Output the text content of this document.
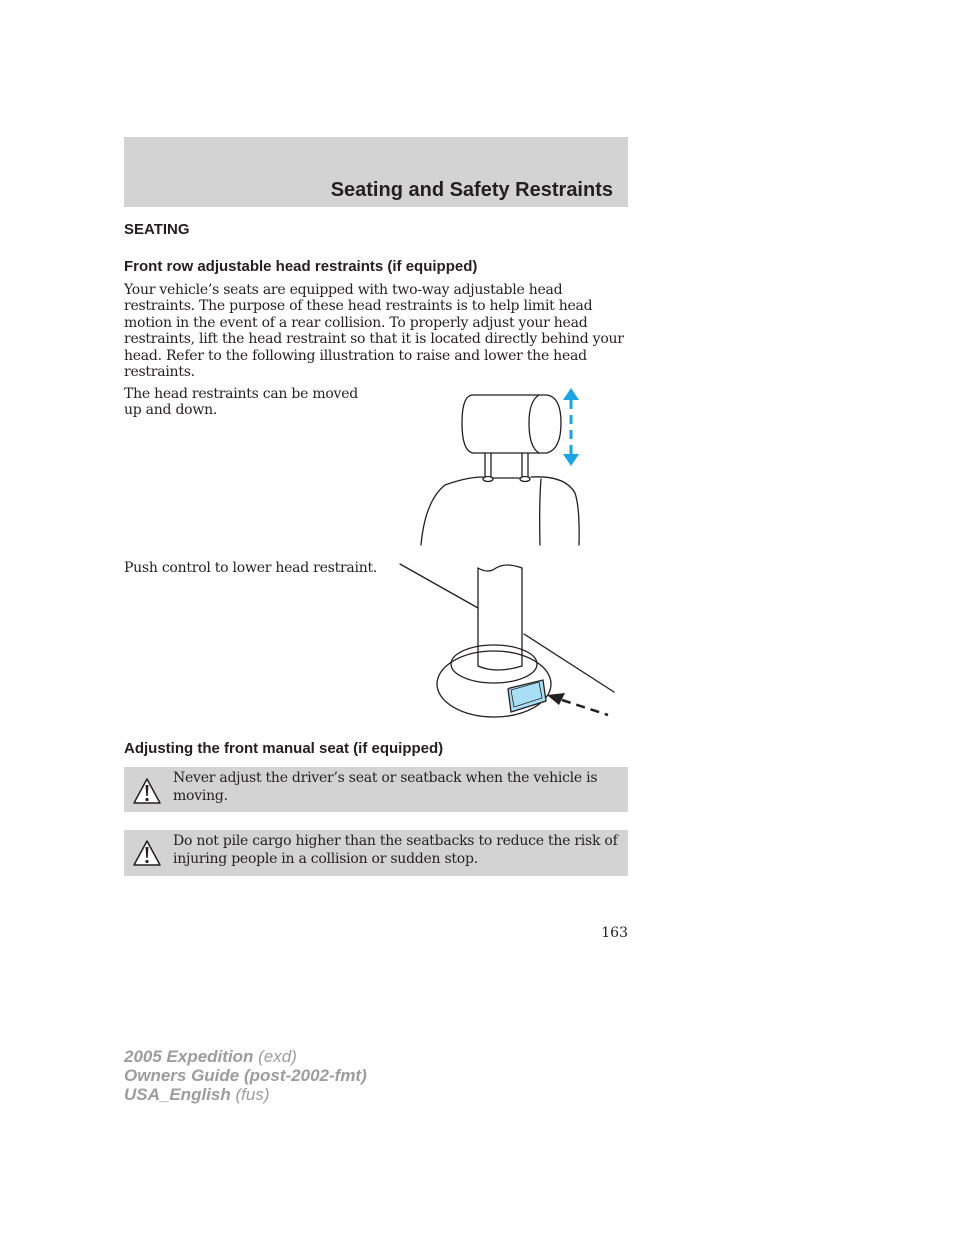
Seating and Safety Restraints
SEATING
Front row adjustable head restraints (if equipped)
Your vehicle’s seats are equipped with two-way adjustable head
restraints. The purpose of these head restraints is to help limit head
motion in the event of a rear collision. To properly adjust your head
restraints, lift the head restraint so that it is located directly behind your
head. Refer to the following illustration to raise and lower the head
restraints.
The head restraints can be moved
up and down.
Push control to lower head restraint.
Adjusting the front manual seat (if equipped)
Never adjust the driver’s seat or seatback when the vehicle is
moving.
Do not pile cargo higher than the seatbacks to reduce the risk of
injuring people in a collision or sudden stop.
163
2005 Expedition (exd)
Owners Guide (post-2002-fmt)
USA_English (fus)
